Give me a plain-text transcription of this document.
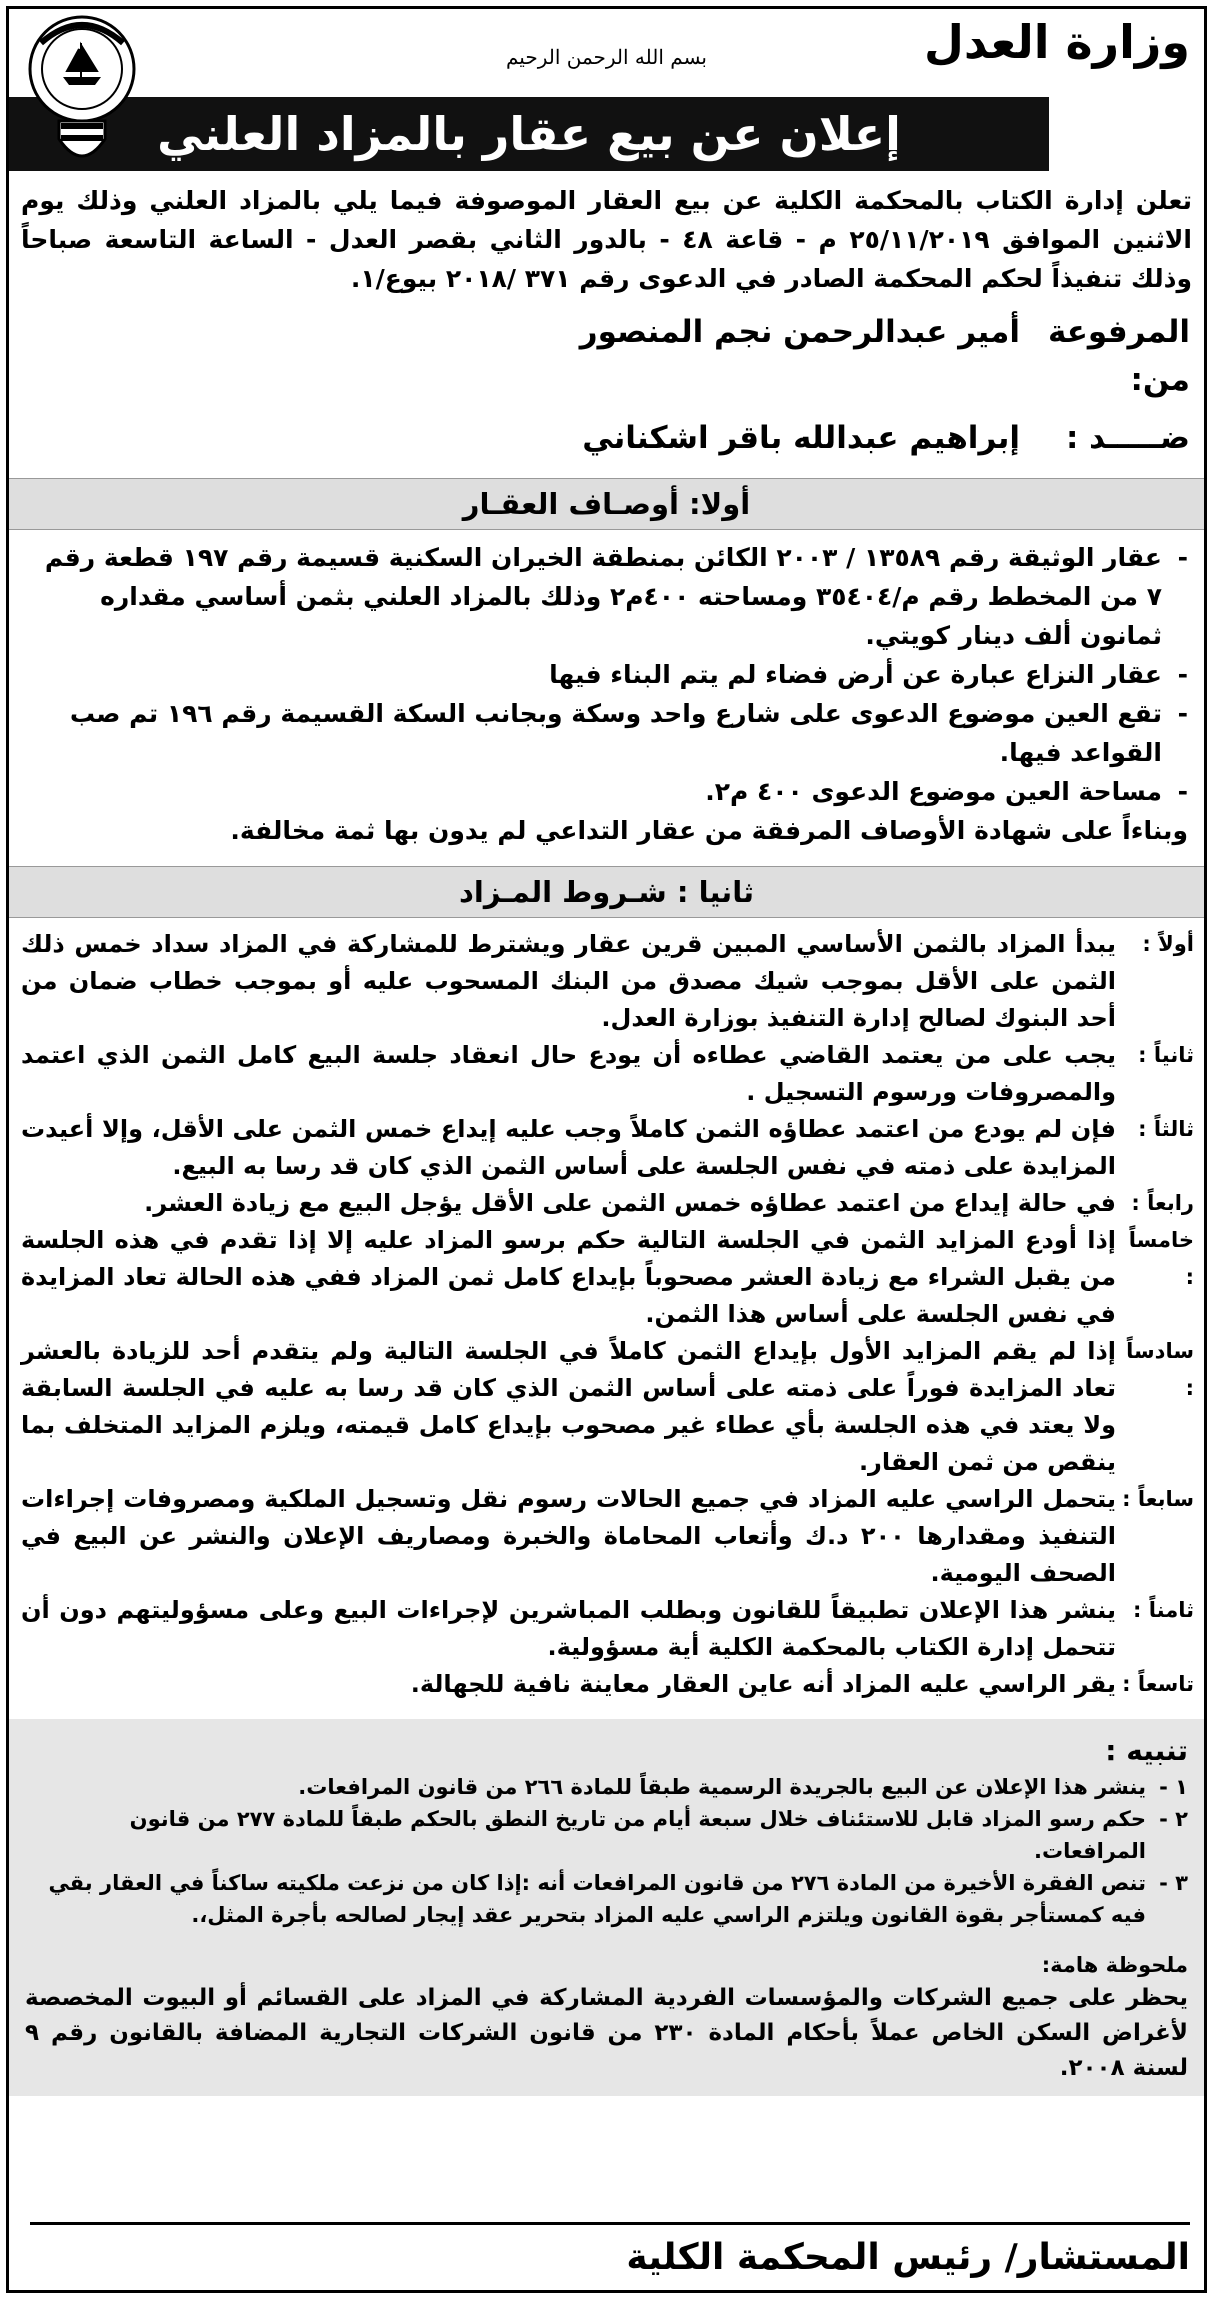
وزارة العدل
بسم الله الرحمن الرحيم
إعلان عن بيع عقار بالمزاد العلني
تعلن إدارة الكتاب بالمحكمة الكلية عن بيع العقار الموصوفة فيما يلي بالمزاد العلني وذلك يوم الاثنين الموافق ٢٥/١١/٢٠١٩ م - قاعة ٤٨ - بالدور الثاني بقصر العدل - الساعة التاسعة صباحاً وذلك تنفيذاً لحكم المحكمة الصادر في الدعوى رقم ٣٧١ /٢٠١٨ بيوع/١.
المرفوعة من:
أمير عبدالرحمن نجم المنصور
ضـــــد :
إبراهيم عبدالله باقر اشكناني
أولا: أوصـاف العقـار
-
عقار الوثيقة رقم ١٣٥٨٩ / ٢٠٠٣ الكائن بمنطقة الخيران السكنية قسيمة رقم ١٩٧ قطعة رقم ٧ من المخطط رقم م/٣٥٤٠٤ ومساحته ٤٠٠م٢ وذلك بالمزاد العلني بثمن أساسي مقداره ثمانون ألف دينار كويتي.
-
عقار النزاع عبارة عن أرض فضاء لم يتم البناء فيها
-
تقع العين موضوع الدعوى على شارع واحد وسكة وبجانب السكة القسيمة رقم ١٩٦ تم صب القواعد فيها.
-
مساحة العين موضوع الدعوى ٤٠٠ م٢.
وبناءاً على شهادة الأوصاف المرفقة من عقار التداعي لم يدون بها ثمة مخالفة.
ثانيا : شـروط المـزاد
أولاً :
يبدأ المزاد بالثمن الأساسي المبين قرين عقار ويشترط للمشاركة في المزاد سداد خمس ذلك الثمن على الأقل بموجب شيك مصدق من البنك المسحوب عليه أو بموجب خطاب ضمان من أحد البنوك لصالح إدارة التنفيذ بوزارة العدل.
ثانياً :
يجب على من يعتمد القاضي عطاءه أن يودع حال انعقاد جلسة البيع كامل الثمن الذي اعتمد والمصروفات ورسوم التسجيل .
ثالثاً :
فإن لم يودع من اعتمد عطاؤه الثمن كاملاً وجب عليه إيداع خمس الثمن على الأقل، وإلا أعيدت المزايدة على ذمته في نفس الجلسة على أساس الثمن الذي كان قد رسا به البيع.
رابعاً :
في حالة إيداع من اعتمد عطاؤه خمس الثمن على الأقل يؤجل البيع مع زيادة العشر.
خامساً :
إذا أودع المزايد الثمن في الجلسة التالية حكم برسو المزاد عليه إلا إذا تقدم في هذه الجلسة من يقبل الشراء مع زيادة العشر مصحوباً بإيداع كامل ثمن المزاد ففي هذه الحالة تعاد المزايدة في نفس الجلسة على أساس هذا الثمن.
سادساً :
إذا لم يقم المزايد الأول بإيداع الثمن كاملاً في الجلسة التالية ولم يتقدم أحد للزيادة بالعشر تعاد المزايدة فوراً على ذمته على أساس الثمن الذي كان قد رسا به عليه في الجلسة السابقة ولا يعتد في هذه الجلسة بأي عطاء غير مصحوب بإيداع كامل قيمته، ويلزم المزايد المتخلف بما ينقص من ثمن العقار.
سابعاً :
يتحمل الراسي عليه المزاد في جميع الحالات رسوم نقل وتسجيل الملكية ومصروفات إجراءات التنفيذ ومقدارها ٢٠٠ د.ك وأتعاب المحاماة والخبرة ومصاريف الإعلان والنشر عن البيع في الصحف اليومية.
ثامناً :
ينشر هذا الإعلان تطبيقاً للقانون وبطلب المباشرين لإجراءات البيع وعلى مسؤوليتهم دون أن تتحمل إدارة الكتاب بالمحكمة الكلية أية مسؤولية.
تاسعاً :
يقر الراسي عليه المزاد أنه عاين العقار معاينة نافية للجهالة.
تنبيه :
١ -
ينشر هذا الإعلان عن البيع بالجريدة الرسمية طبقاً للمادة ٢٦٦ من قانون المرافعات.
٢ -
حكم رسو المزاد قابل للاستئناف خلال سبعة أيام من تاريخ النطق بالحكم طبقاً للمادة ٢٧٧ من قانون المرافعات.
٣ -
تنص الفقرة الأخيرة من المادة ٢٧٦ من قانون المرافعات أنه :إذا كان من نزعت ملكيته ساكناً في العقار بقي فيه كمستأجر بقوة القانون ويلتزم الراسي عليه المزاد بتحرير عقد إيجار لصالحه بأجرة المثل،.
ملحوظة هامة:
يحظر على جميع الشركات والمؤسسات الفردية المشاركة في المزاد على القسائم أو البيوت المخصصة لأغراض السكن الخاص عملاً بأحكام المادة ٢٣٠ من قانون الشركات التجارية المضافة بالقانون رقم ٩ لسنة ٢٠٠٨.
المستشار/ رئيس المحكمة الكلية
